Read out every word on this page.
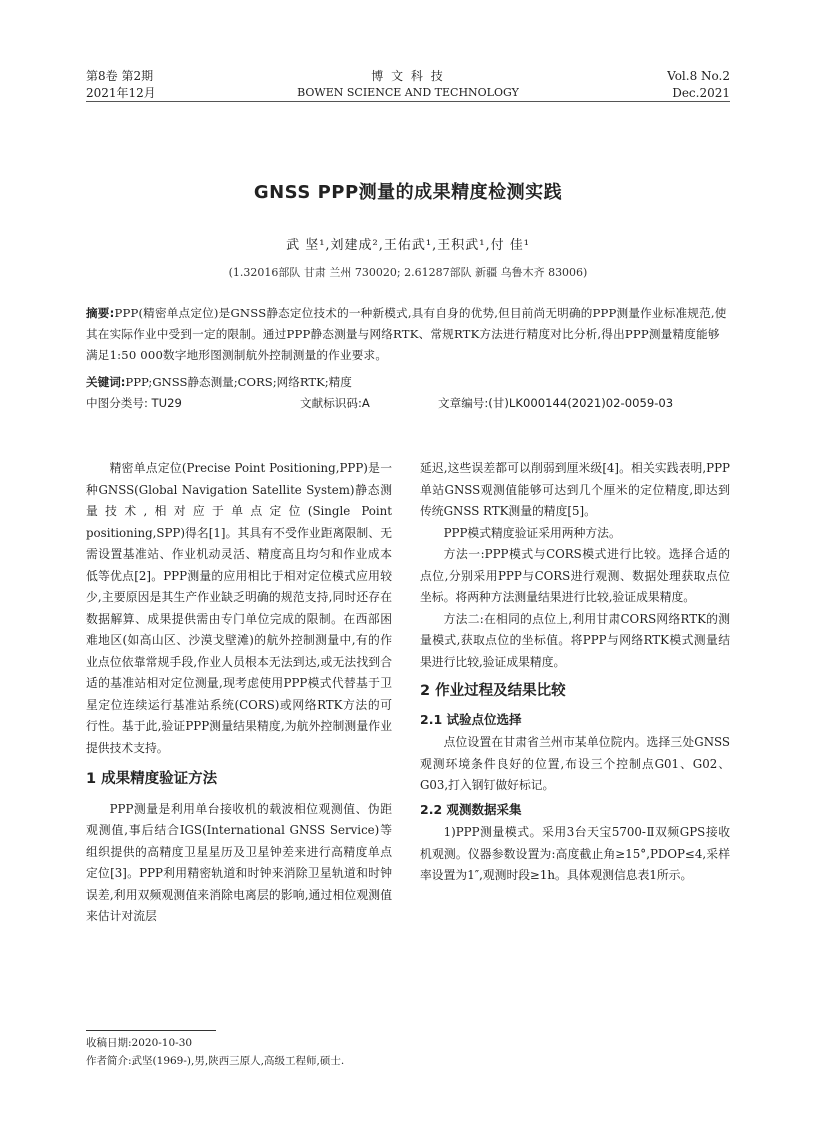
第8卷 第2期
2021年12月
博 文 科 技
BOWEN SCIENCE AND TECHNOLOGY
Vol.8 No.2
Dec.2021
GNSS PPP测量的成果精度检测实践
武 坚¹,刘建成²,王佑武¹,王积武¹,付 佳¹
(1.32016部队 甘肃 兰州 730020; 2.61287部队 新疆 乌鲁木齐 83006)
摘要:PPP(精密单点定位)是GNSS静态定位技术的一种新模式,具有自身的优势,但目前尚无明确的PPP测量作业标准规范,使其在实际作业中受到一定的限制。通过PPP静态测量与网络RTK、常规RTK方法进行精度对比分析,得出PPP测量精度能够满足1:50 000数字地形图测制航外控制测量的作业要求。
关键词:PPP;GNSS静态测量;CORS;网络RTK;精度
中图分类号: TU29	文献标识码:A	文章编号:(甘)LK000144(2021)02-0059-03

精密单点定位(Precise Point Positioning,PPP)是一种GNSS(Global Navigation Satellite System)静态测量技术,相对应于单点定位(Single Point positioning,SPP)得名[1]。其具有不受作业距离限制、无需设置基准站、作业机动灵活、精度高且均匀和作业成本低等优点[2]。PPP测量的应用相比于相对定位模式应用较少,主要原因是其生产作业缺乏明确的规范支持,同时还存在数据解算、成果提供需由专门单位完成的限制。在西部困难地区(如高山区、沙漠戈壁滩)的航外控制测量中,有的作业点位依靠常规手段,作业人员根本无法到达,或无法找到合适的基准站相对定位测量,现考虑使用PPP模式代替基于卫星定位连续运行基准站系统(CORS)或网络RTK方法的可行性。基于此,验证PPP测量结果精度,为航外控制测量作业提供技术支持。

1 成果精度验证方法

PPP测量是利用单台接收机的载波相位观测值、伪距观测值,事后结合IGS(International GNSS Service)等组织提供的高精度卫星星历及卫星钟差来进行高精度单点定位[3]。PPP利用精密轨道和时钟来消除卫星轨道和时钟误差,利用双频观测值来消除电离层的影响,通过相位观测值来估计对流层

延迟,这些误差都可以削弱到厘米级[4]。相关实践表明,PPP单站GNSS观测值能够可达到几个厘米的定位精度,即达到传统GNSS RTK测量的精度[5]。

PPP模式精度验证采用两种方法。

方法一:PPP模式与CORS模式进行比较。选择合适的点位,分别采用PPP与CORS进行观测、数据处理获取点位坐标。将两种方法测量结果进行比较,验证成果精度。

方法二:在相同的点位上,利用甘肃CORS网络RTK的测量模式,获取点位的坐标值。将PPP与网络RTK模式测量结果进行比较,验证成果精度。

2 作业过程及结果比较
2.1 试验点位选择

点位设置在甘肃省兰州市某单位院内。选择三处GNSS观测环境条件良好的位置,布设三个控制点G01、G02、G03,打入钢钉做好标记。

2.2 观测数据采集

1)PPP测量模式。采用3台天宝5700-Ⅱ双频GPS接收机观测。仪器参数设置为:高度截止角≥15°,PDOP≤4,采样率设置为1″,观测时段≥1h。具体观测信息表1所示。

收稿日期:2020-10-30
作者简介:武坚(1969-),男,陕西三原人,高级工程师,硕士.
